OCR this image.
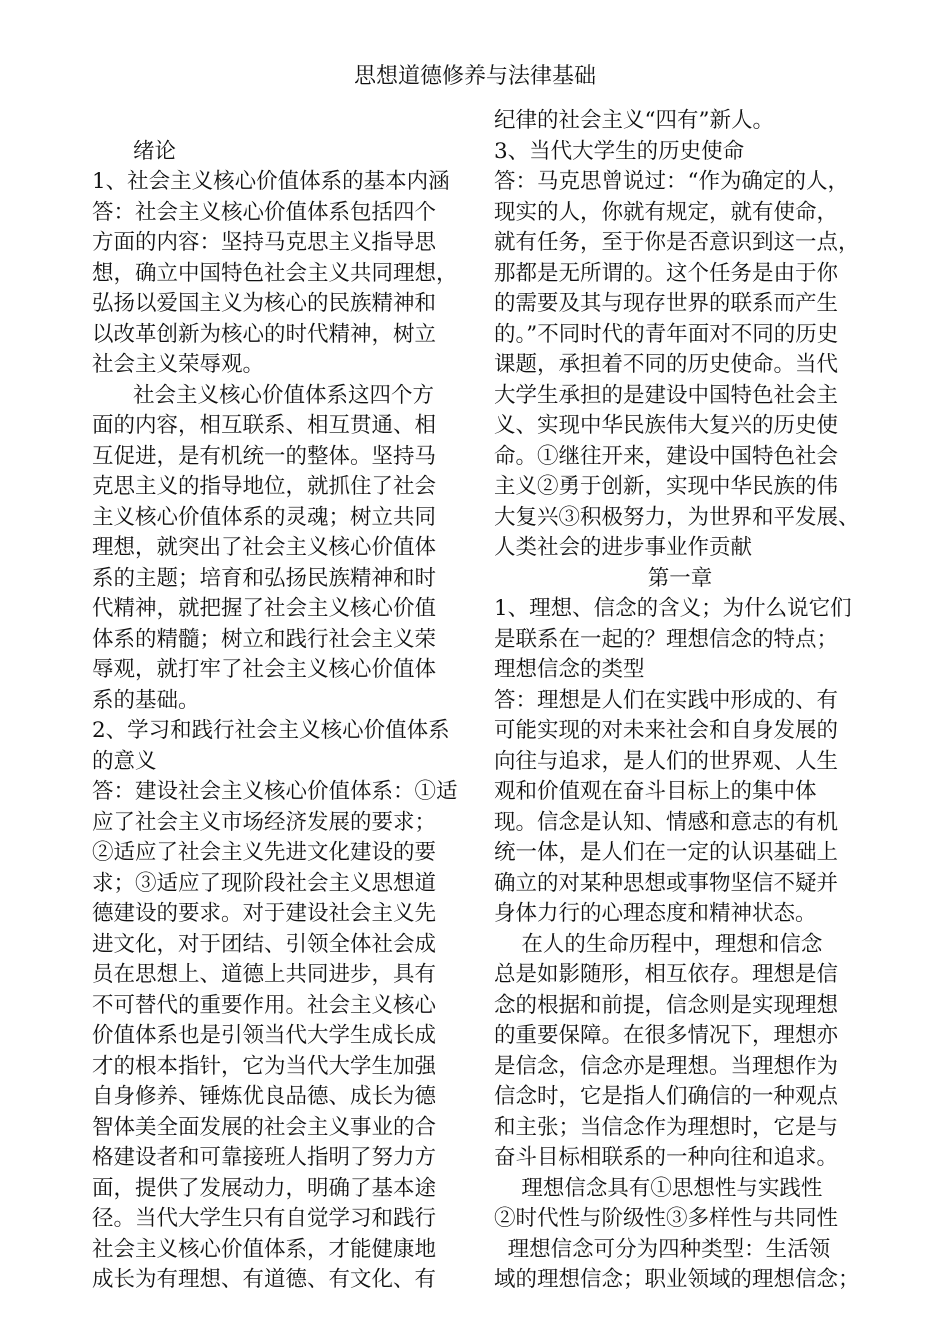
思想道德修养与法律基础
绪论
1、社会主义核心价值体系的基本内涵
答：社会主义核心价值体系包括四个
方面的内容：坚持马克思主义指导思
想，确立中国特色社会主义共同理想，
弘扬以爱国主义为核心的民族精神和
以改革创新为核心的时代精神，树立
社会主义荣辱观。
社会主义核心价值体系这四个方
面的内容，相互联系、相互贯通、相
互促进，是有机统一的整体。坚持马
克思主义的指导地位，就抓住了社会
主义核心价值体系的灵魂；树立共同
理想，就突出了社会主义核心价值体
系的主题；培育和弘扬民族精神和时
代精神，就把握了社会主义核心价值
体系的精髓；树立和践行社会主义荣
辱观，就打牢了社会主义核心价值体
系的基础。
2、学习和践行社会主义核心价值体系
的意义
答：建设社会主义核心价值体系：①适
应了社会主义市场经济发展的要求；
②适应了社会主义先进文化建设的要
求；③适应了现阶段社会主义思想道
德建设的要求。对于建设社会主义先
进文化，对于团结、引领全体社会成
员在思想上、道德上共同进步，具有
不可替代的重要作用。社会主义核心
价值体系也是引领当代大学生成长成
才的根本指针，它为当代大学生加强
自身修养、锤炼优良品德、成长为德
智体美全面发展的社会主义事业的合
格建设者和可靠接班人指明了努力方
面，提供了发展动力，明确了基本途
径。当代大学生只有自觉学习和践行
社会主义核心价值体系，才能健康地
成长为有理想、有道德、有文化、有
纪律的社会主义“四有”新人。
3、当代大学生的历史使命
答：马克思曾说过：“作为确定的人，
现实的人，你就有规定，就有使命，
就有任务，至于你是否意识到这一点，
那都是无所谓的。这个任务是由于你
的需要及其与现存世界的联系而产生
的。”不同时代的青年面对不同的历史
课题，承担着不同的历史使命。当代
大学生承担的是建设中国特色社会主
义、实现中华民族伟大复兴的历史使
命。①继往开来，建设中国特色社会
主义②勇于创新，实现中华民族的伟
大复兴③积极努力，为世界和平发展、
人类社会的进步事业作贡献
第一章
1、理想、信念的含义；为什么说它们
是联系在一起的？理想信念的特点；
理想信念的类型
答：理想是人们在实践中形成的、有
可能实现的对未来社会和自身发展的
向往与追求，是人们的世界观、人生
观和价值观在奋斗目标上的集中体
现。信念是认知、情感和意志的有机
统一体，是人们在一定的认识基础上
确立的对某种思想或事物坚信不疑并
身体力行的心理态度和精神状态。
在人的生命历程中，理想和信念
总是如影随形，相互依存。理想是信
念的根据和前提，信念则是实现理想
的重要保障。在很多情况下，理想亦
是信念，信念亦是理想。当理想作为
信念时，它是指人们确信的一种观点
和主张；当信念作为理想时，它是与
奋斗目标相联系的一种向往和追求。
理想信念具有①思想性与实践性
②时代性与阶级性③多样性与共同性
理想信念可分为四种类型：生活领
域的理想信念；职业领域的理想信念；
